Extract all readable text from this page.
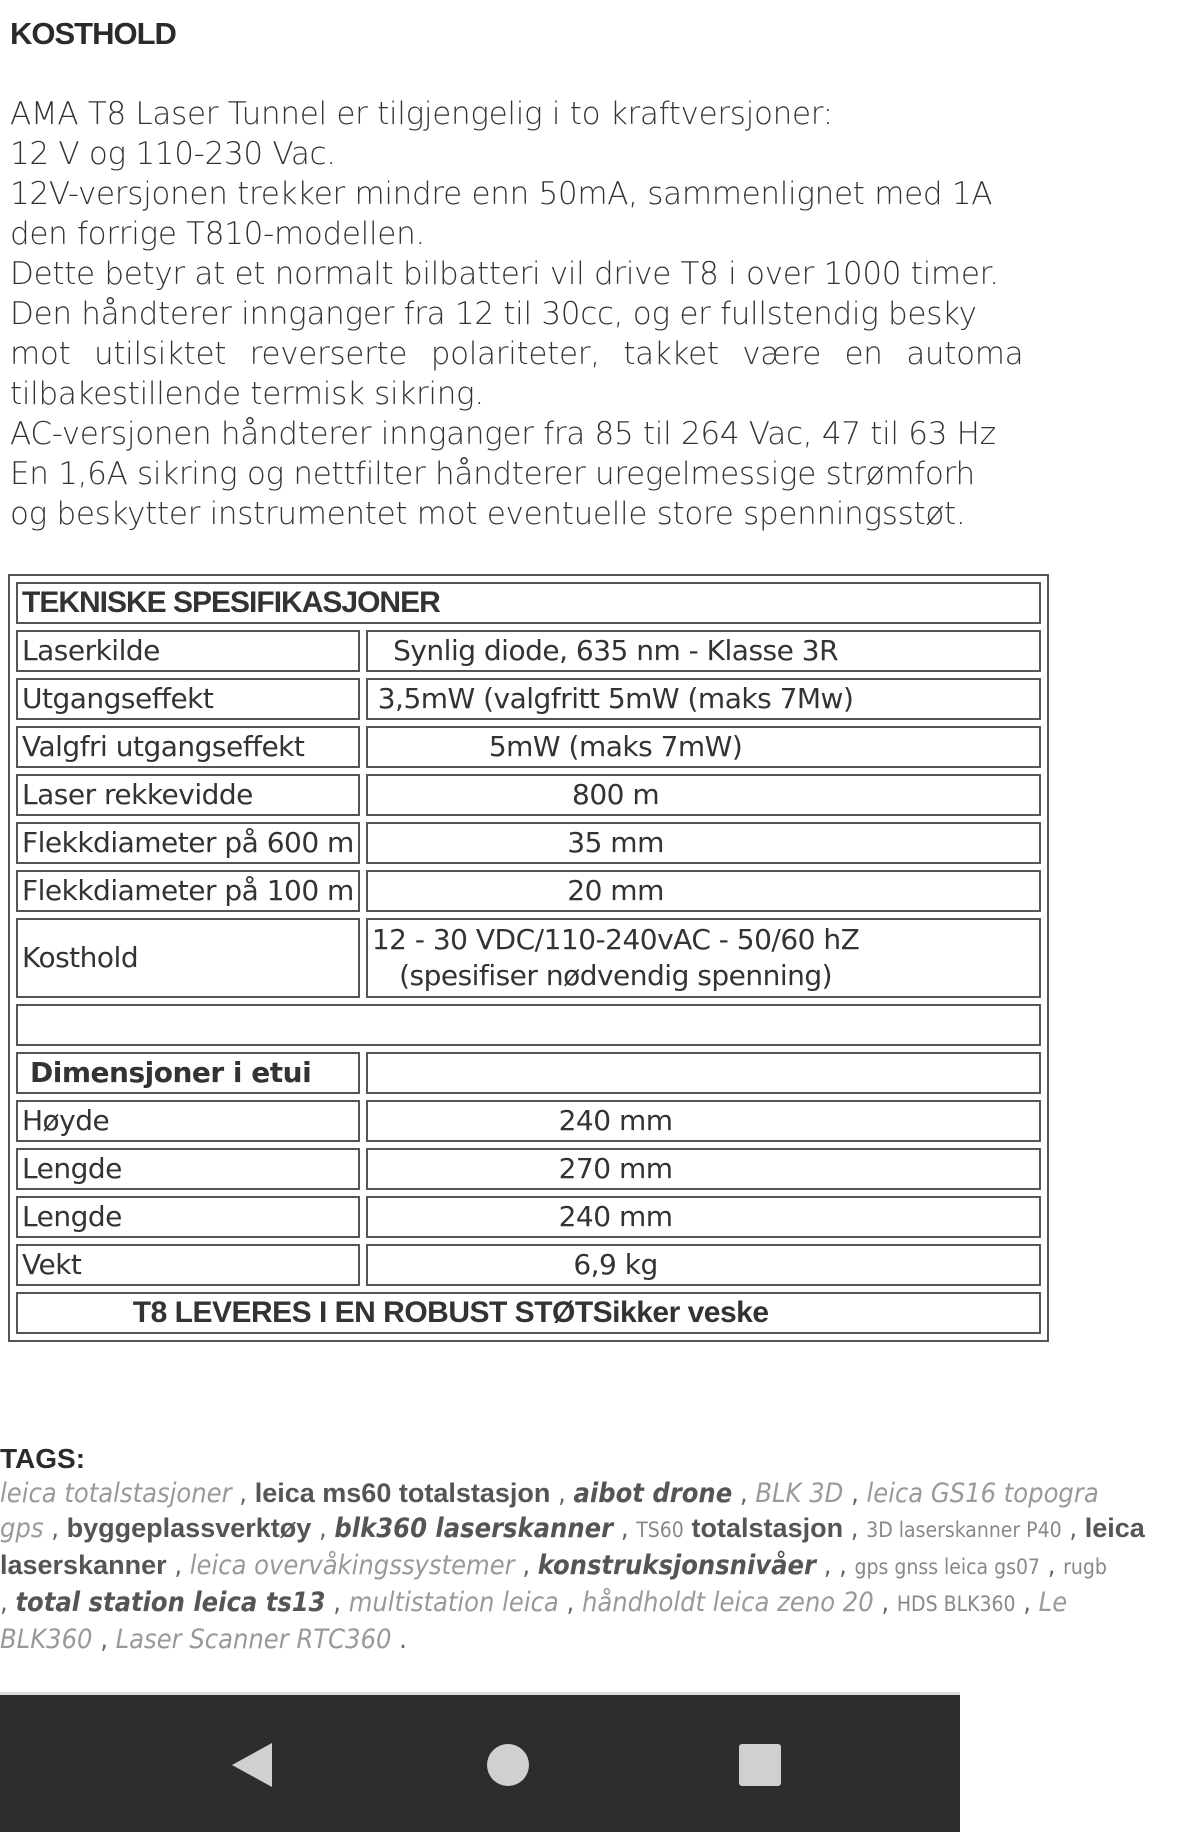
KOSTHOLD

AMA T8 Laser Tunnel er tilgjengelig i to kraftversjoner:

12 V og 110-230 Vac.

12V-versjonen trekker mindre enn 50mA, sammenlignet med 1A

den forrige T810-modellen.

Dette betyr at et normalt bilbatteri vil drive T8 i over 1000 timer.

Den håndterer innganger fra 12 til 30cc, og er fullstendig besky

mot utilsiktet reverserte polariteter, takket være en automa

tilbakestillende termisk sikring.

AC-versjonen håndterer innganger fra 85 til 264 Vac, 47 til 63 Hz

En 1,6A sikring og nettfilter håndterer uregelmessige strømforh

og beskytter instrumentet mot eventuelle store spenningsstøt.

TEKNISKE SPESIFIKASJONER	
Laserkilde	Synlig diode, 635 nm - Klasse 3R
Utgangseffekt	3,5mW (valgfritt 5mW (maks 7Mw)
Valgfri utgangseffekt	5mW (maks 7mW)
Laser rekkevidde	800 m
Flekkdiameter på 600 m	35 mm
Flekkdiameter på 100 m	20 mm
Kosthold	12 - 30 VDC/110-240vAC - 50/60 hZ
(spesifiser nødvendig spenning)

Dimensjoner i etui	
Høyde	240 mm
Lengde	270 mm
Lengde	240 mm
Vekt	6,9 kg
T8 LEVERES I EN ROBUST STØTSikker veske	
TAGS:
leica totalstasjoner , leica ms60 totalstasjon , aibot drone , BLK 3D , leica GS16 topogra
gps , byggeplassverktøy , blk360 laserskanner , TS60 totalstasjon , 3D laserskanner P40 , leica
laserskanner , leica overvåkingssystemer , konstruksjonsnivåer , , gps gnss leica gs07 , rugb
, total station leica ts13 , multistation leica , håndholdt leica zeno 20 , HDS BLK360 , Le
BLK360 , Laser Scanner RTC360 .
